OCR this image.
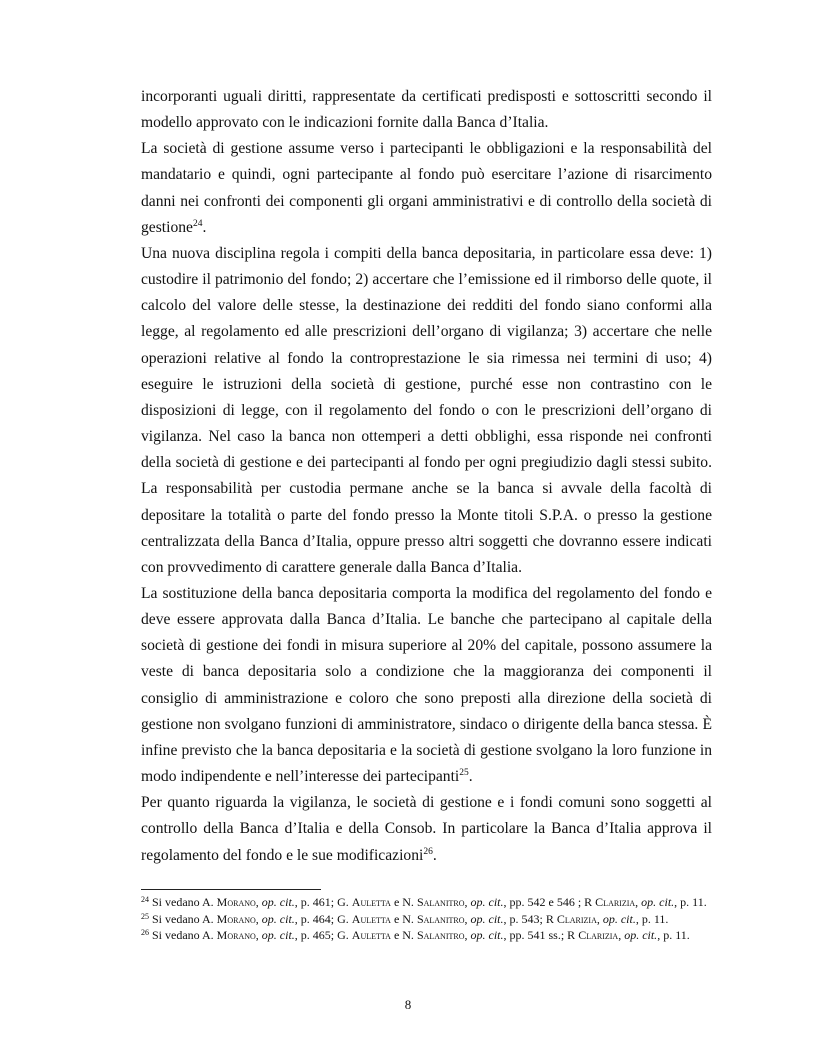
incorporanti uguali diritti, rappresentate da certificati predisposti e sottoscritti secondo il modello approvato con le indicazioni fornite dalla Banca d’Italia.

La società di gestione assume verso i partecipanti le obbligazioni e la responsabilità del mandatario e quindi, ogni partecipante al fondo può esercitare l’azione di risarcimento danni nei confronti dei componenti gli organi amministrativi e di controllo della società di gestione$^{24}$.

Una nuova disciplina regola i compiti della banca depositaria, in particolare essa deve: 1) custodire il patrimonio del fondo; 2) accertare che l’emissione ed il rimborso delle quote, il calcolo del valore delle stesse, la destinazione dei redditi del fondo siano conformi alla legge, al regolamento ed alle prescrizioni dell’organo di vigilanza; 3) accertare che nelle operazioni relative al fondo la controprestazione le sia rimessa nei termini di uso; 4) eseguire le istruzioni della società di gestione, purché esse non contrastino con le disposizioni di legge, con il regolamento del fondo o con le prescrizioni dell’organo di vigilanza. Nel caso la banca non ottemperi a detti obblighi, essa risponde nei confronti della società di gestione e dei partecipanti al fondo per ogni pregiudizio dagli stessi subito. La responsabilità per custodia permane anche se la banca si avvale della facoltà di depositare la totalità o parte del fondo presso la Monte titoli S.P.A. o presso la gestione centralizzata della Banca d’Italia, oppure presso altri soggetti che dovranno essere indicati con provvedimento di carattere generale dalla Banca d’Italia.

La sostituzione della banca depositaria comporta la modifica del regolamento del fondo e deve essere approvata dalla Banca d’Italia. Le banche che partecipano al capitale della società di gestione dei fondi in misura superiore al 20% del capitale, possono assumere la veste di banca depositaria solo a condizione che la maggioranza dei componenti il consiglio di amministrazione e coloro che sono preposti alla direzione della società di gestione non svolgano funzioni di amministratore, sindaco o dirigente della banca stessa. È infine previsto che la banca depositaria e la società di gestione svolgano la loro funzione in modo indipendente e nell’interesse dei partecipanti$^{25}$.

Per quanto riguarda la vigilanza, le società di gestione e i fondi comuni sono soggetti al controllo della Banca d’Italia e della Consob. In particolare la Banca d’Italia approva il regolamento del fondo e le sue modificazioni$^{26}$.

$^{24}$ Si vedano A. Morano, op. cit., p. 461; G. Auletta e N. Salanitro, op. cit., pp. 542 e 546 ; R Clarizia, op. cit., p. 11.

$^{25}$ Si vedano A. Morano, op. cit., p. 464; G. Auletta e N. Salanitro, op. cit., p. 543; R Clarizia, op. cit., p. 11.

$^{26}$ Si vedano A. Morano, op. cit., p. 465; G. Auletta e N. Salanitro, op. cit., pp. 541 ss.; R Clarizia, op. cit., p. 11.

8
